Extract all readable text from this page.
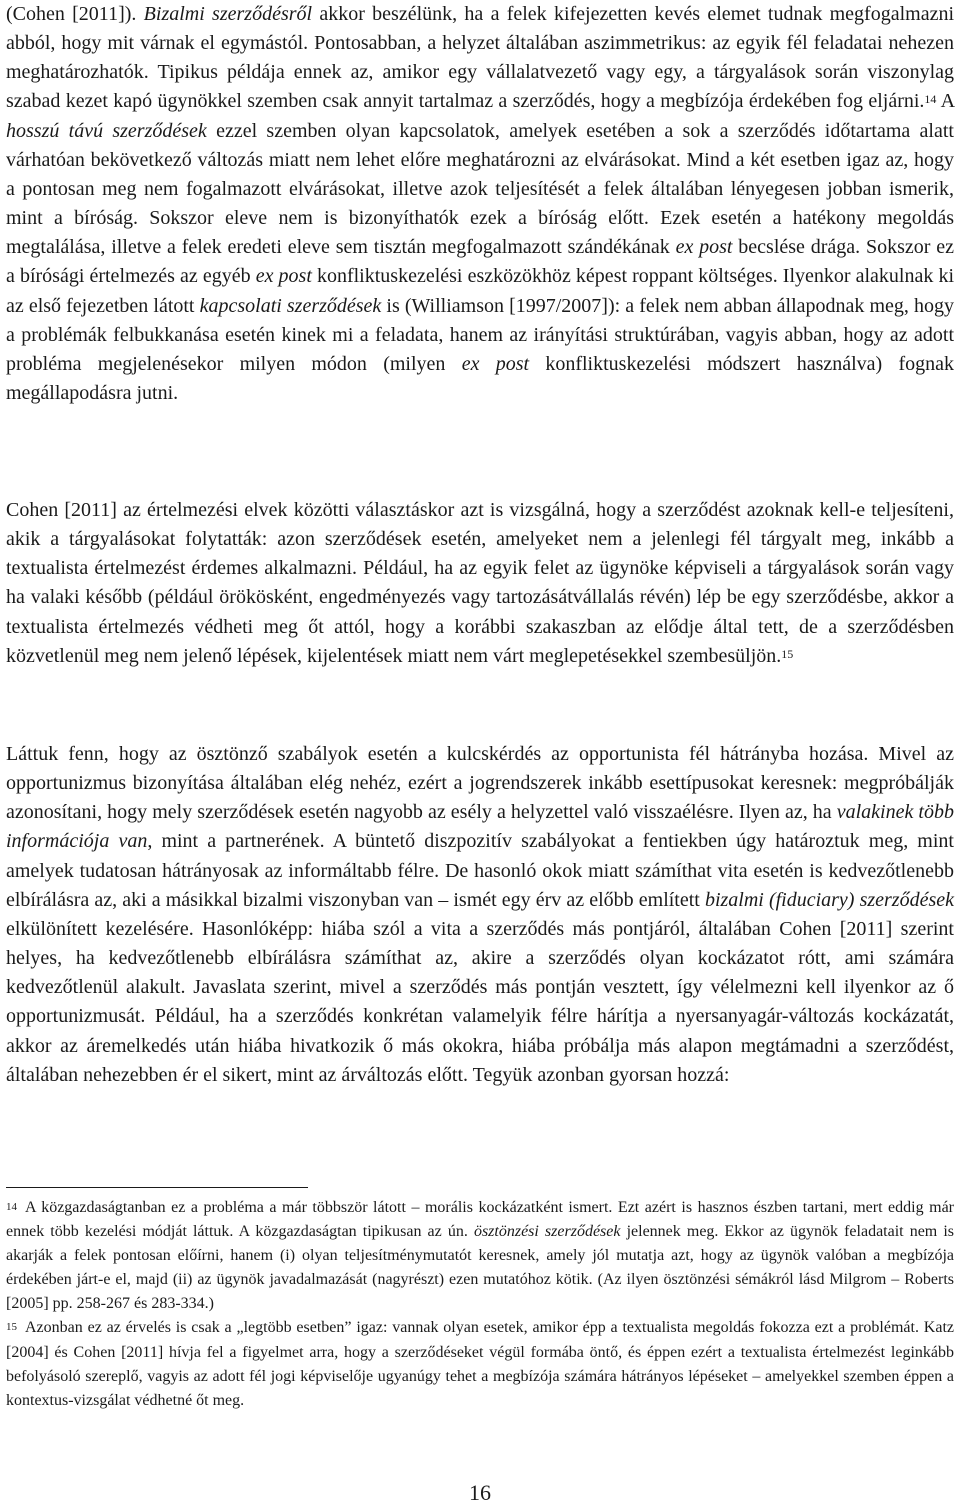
(Cohen [2011]). Bizalmi szerződésről akkor beszélünk, ha a felek kifejezetten kevés elemet tudnak megfogalmazni abból, hogy mit várnak el egymástól. Pontosabban, a helyzet általában aszimmetrikus: az egyik fél feladatai nehezen meghatározhatók. Tipikus példája ennek az, amikor egy vállalatvezető vagy egy, a tárgyalások során viszonylag szabad kezet kapó ügynökkel szemben csak annyit tartalmaz a szerződés, hogy a megbízója érdekében fog eljárni.$^{14}$ A hosszú távú szerződések ezzel szemben olyan kapcsolatok, amelyek esetében a sok a szerződés időtartama alatt várhatóan bekövetkező változás miatt nem lehet előre meghatározni az elvárásokat. Mind a két esetben igaz az, hogy a pontosan meg nem fogalmazott elvárásokat, illetve azok teljesítését a felek általában lényegesen jobban ismerik, mint a bíróság. Sokszor eleve nem is bizonyíthatók ezek a bíróság előtt. Ezek esetén a hatékony megoldás megtalálása, illetve a felek eredeti eleve sem tisztán megfogalmazott szándékának ex post becslése drága. Sokszor ez a bírósági értelmezés az egyéb ex post konfliktuskezelési eszközökhöz képest roppant költséges. Ilyenkor alakulnak ki az első fejezetben látott kapcsolati szerződések is (Williamson [1997/2007]): a felek nem abban állapodnak meg, hogy a problémák felbukkanása esetén kinek mi a feladata, hanem az irányítási struktúrában, vagyis abban, hogy az adott probléma megjelenésekor milyen módon (milyen ex post konfliktuskezelési módszert használva) fognak megállapodásra jutni.

Cohen [2011] az értelmezési elvek közötti választáskor azt is vizsgálná, hogy a szerződést azoknak kell-e teljesíteni, akik a tárgyalásokat folytatták: azon szerződések esetén, amelyeket nem a jelenlegi fél tárgyalt meg, inkább a textualista értelmezést érdemes alkalmazni. Például, ha az egyik felet az ügynöke képviseli a tárgyalások során vagy ha valaki később (például örökösként, engedményezés vagy tartozásátvállalás révén) lép be egy szerződésbe, akkor a textualista értelmezés védheti meg őt attól, hogy a korábbi szakaszban az elődje által tett, de a szerződésben közvetlenül meg nem jelenő lépések, kijelentések miatt nem várt meglepetésekkel szembesüljön.$^{15}$

Láttuk fenn, hogy az ösztönző szabályok esetén a kulcskérdés az opportunista fél hátrányba hozása. Mivel az opportunizmus bizonyítása általában elég nehéz, ezért a jogrendszerek inkább esettípusokat keresnek: megpróbálják azonosítani, hogy mely szerződések esetén nagyobb az esély a helyzettel való visszaélésre. Ilyen az, ha valakinek több információja van, mint a partnerének. A büntető diszpozitív szabályokat a fentiekben úgy határoztuk meg, mint amelyek tudatosan hátrányosak az informáltabb félre. De hasonló okok miatt számíthat vita esetén is kedvezőtlenebb elbírálásra az, aki a másikkal bizalmi viszonyban van – ismét egy érv az előbb említett bizalmi (fiduciary) szerződések elkülönített kezelésére. Hasonlóképp: hiába szól a vita a szerződés más pontjáról, általában Cohen [2011] szerint helyes, ha kedvezőtlenebb elbírálásra számíthat az, akire a szerződés olyan kockázatot rótt, ami számára kedvezőtlenül alakult. Javaslata szerint, mivel a szerződés más pontján vesztett, így vélelmezni kell ilyenkor az ő opportunizmusát. Például, ha a szerződés konkrétan valamelyik félre hárítja a nyersanyagár-változás kockázatát, akkor az áremelkedés után hiába hivatkozik ő más okokra, hiába próbálja más alapon megtámadni a szerződést, általában nehezebben ér el sikert, mint az árváltozás előtt. Tegyük azonban gyorsan hozzá:

$^{14}$ A közgazdaságtanban ez a probléma a már többször látott – morális kockázatként ismert. Ezt azért is hasznos észben tartani, mert eddig már ennek több kezelési módját láttuk. A közgazdaságtan tipikusan az ún. ösztönzési szerződések jelennek meg. Ekkor az ügynök feladatait nem is akarják a felek pontosan előírni, hanem (i) olyan teljesítménymutatót keresnek, amely jól mutatja azt, hogy az ügynök valóban a megbízója érdekében járt-e el, majd (ii) az ügynök javadalmazását (nagyrészt) ezen mutatóhoz kötik. (Az ilyen ösztönzési sémákról lásd Milgrom – Roberts [2005] pp. 258-267 és 283-334.)

$^{15}$ Azonban ez az érvelés is csak a „legtöbb esetben” igaz: vannak olyan esetek, amikor épp a textualista megoldás fokozza ezt a problémát. Katz [2004] és Cohen [2011] hívja fel a figyelmet arra, hogy a szerződéseket végül formába öntő, és éppen ezért a textualista értelmezést leginkább befolyásoló szereplő, vagyis az adott fél jogi képviselője ugyanúgy tehet a megbízója számára hátrányos lépéseket – amelyekkel szemben éppen a kontextus-vizsgálat védhetné őt meg.

16
